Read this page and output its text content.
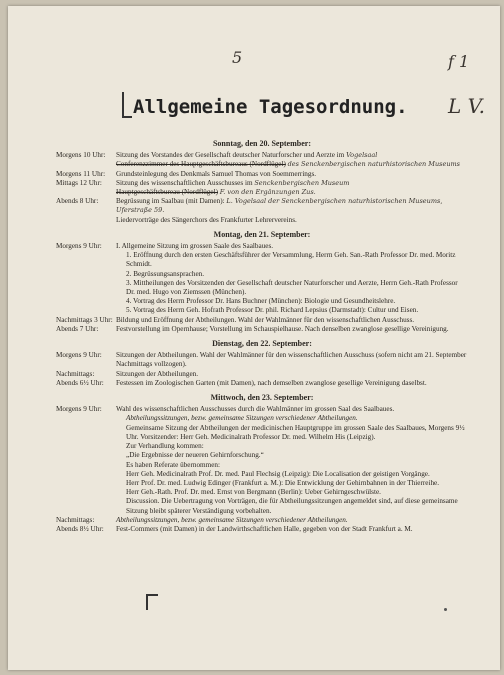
5	f 1
L V.
Allgemeine Tagesordnung.
Sonntag, den 20. September:
Morgens 10 Uhr:	Sitzung des Vorstandes der Gesellschaft deutscher Naturforscher und Aerzte im Vogelsaal
Conferenzzimmer des Hauptgeschäftsbureaus (Nordflügel) des Senckenbergischen naturhistorischen Museums
Morgens 11 Uhr:	Grundsteinlegung des Denkmals Samuel Thomas von Soemmerrings.
Mittags 12 Uhr:	Sitzung des wissenschaftlichen Ausschusses im Senckenbergischen Museum
Hauptgeschäftsbureau (Nordflügel) F. von den Ergänzungen Zus.
Abends 8 Uhr:	Begrüssung im Saalbau (mit Damen): L. Vogelsaal der Senckenbergischen naturhistorischen Museums, Uferstraße 59.
Liedervorträge des Sängerchors des Frankfurter Lehrervereins.
Montag, den 21. September:
Morgens 9 Uhr:	I. Allgemeine Sitzung im grossen Saale des Saalbaues.
1. Eröffnung durch den ersten Geschäftsführer der Versammlung, Herrn Geh. San.-Rath Professor Dr. med. Moritz Schmidt.
2. Begrüssungsansprachen.
3. Mittheilungen des Vorsitzenden der Gesellschaft deutscher Naturforscher und Aerzte, Herrn Geh.-Rath Professor Dr. med. Hugo von Ziemssen (München).
4. Vortrag des Herrn Professor Dr. Hans Buchner (München): Biologie und Gesundheitslehre.
5. Vortrag des Herrn Geh. Hofrath Professor Dr. phil. Richard Lepsius (Darmstadt): Cultur und Eisen.
Nachmittags 3 Uhr: Bildung und Eröffnung der Abtheilungen. Wahl der Wahlmänner für den wissenschaftlichen Ausschuss.
Abends 7 Uhr:	Festvorstellung im Opernhause; Vorstellung im Schauspielhause. Nach denselben zwanglose gesellige Vereinigung.
Dienstag, den 22. September:
Morgens 9 Uhr:	Sitzungen der Abtheilungen. Wahl der Wahlmänner für den wissenschaftlichen Ausschuss (sofern nicht am 21. September Nachmittags vollzogen).
Nachmittags:	Sitzungen der Abtheilungen.
Abends 6½ Uhr:	Festessen im Zoologischen Garten (mit Damen), nach demselben zwanglose gesellige Vereinigung daselbst.
Mittwoch, den 23. September:
Morgens 9 Uhr:	Wahl des wissenschaftlichen Ausschusses durch die Wahlmänner im grossen Saal des Saalbaues.
Abtheilungssitzungen, bezw. gemeinsame Sitzungen verschiedener Abtheilungen.
Gemeinsame Sitzung der Abtheilungen der medicinischen Hauptgruppe im grossen Saale des Saalbaues, Morgens 9½ Uhr. Vorsitzender: Herr Geh. Medicinalrath Professor Dr. med. Wilhelm His (Leipzig).
Zur Verhandlung kommen:
„Die Ergebnisse der neueren Gehirnforschung.“
Es haben Referate übernommen:
Herr Geh. Medicinalrath Prof. Dr. med. Paul Flechsig (Leipzig): Die Localisation der geistigen Vorgänge.
Herr Prof. Dr. med. Ludwig Edinger (Frankfurt a. M.): Die Entwicklung der Gehirnbahnen in der Thierreihe.
Herr Geh.-Rath. Prof. Dr. med. Ernst von Bergmann (Berlin): Ueber Gehirngeschwülste.
Discussion. Die Uebertragung von Vorträgen, die für Abtheilungssitzungen angemeldet sind, auf diese gemeinsame Sitzung bleibt späterer Verständigung vorbehalten.
Nachmittags:	Abtheilungssitzungen, bezw. gemeinsame Sitzungen verschiedener Abtheilungen.
Abends 8½ Uhr:	Fest-Commers (mit Damen) in der Landwirthschaftlichen Halle, gegeben von der Stadt Frankfurt a. M.
